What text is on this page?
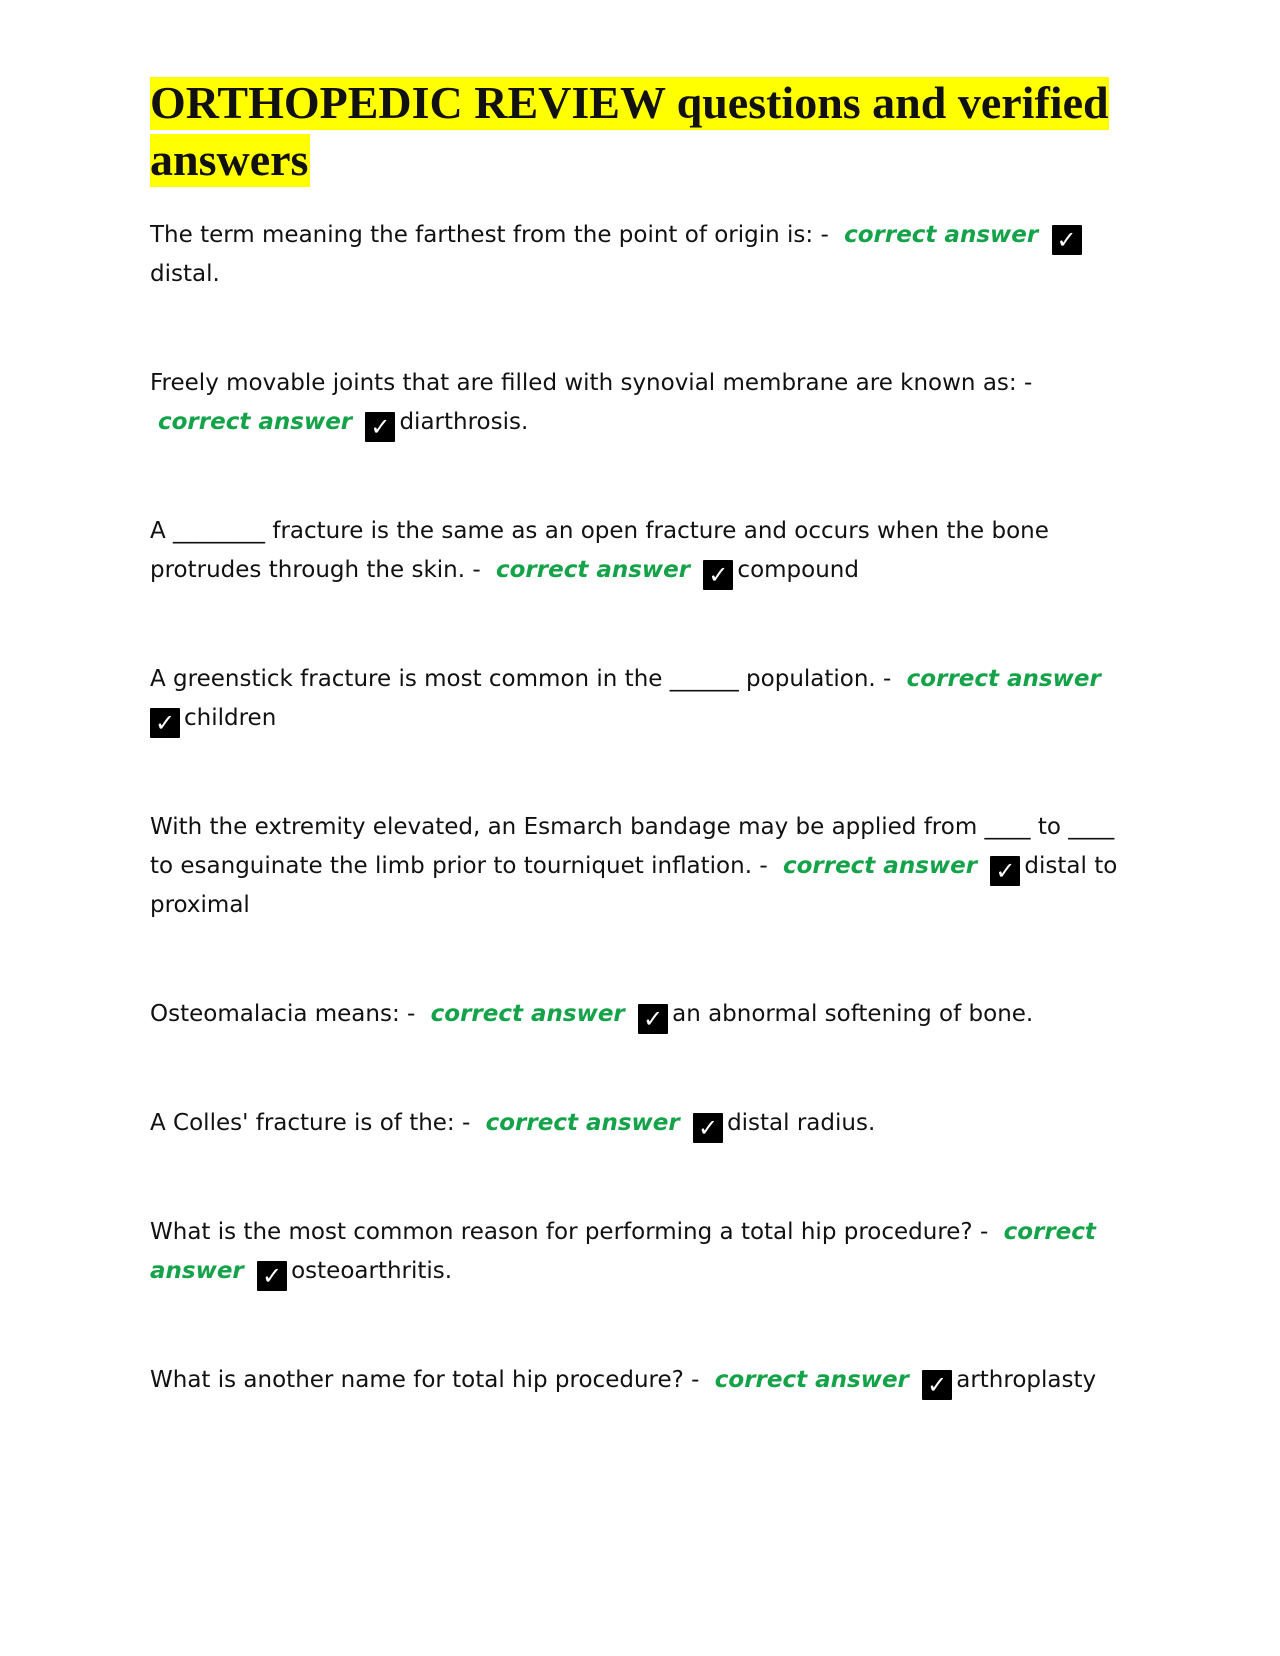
ORTHOPEDIC REVIEW questions and verified answers

The term meaning the farthest from the point of origin is: - correct answer ✓distal.

Freely movable joints that are filled with synovial membrane are known as: - correct answer ✓ diarthrosis.

A ________ fracture is the same as an open fracture and occurs when the bone protrudes through the skin. - correct answer ✓ compound

A greenstick fracture is most common in the ______ population. - correct answer ✓ children

With the extremity elevated, an Esmarch bandage may be applied from ____ to ____ to esanguinate the limb prior to tourniquet inflation. - correct answer ✓ distal to proximal

Osteomalacia means: - correct answer ✓ an abnormal softening of bone.

A Colles' fracture is of the: - correct answer ✓ distal radius.

What is the most common reason for performing a total hip procedure? - correct answer ✓ osteoarthritis.

What is another name for total hip procedure? - correct answer ✓ arthroplasty
